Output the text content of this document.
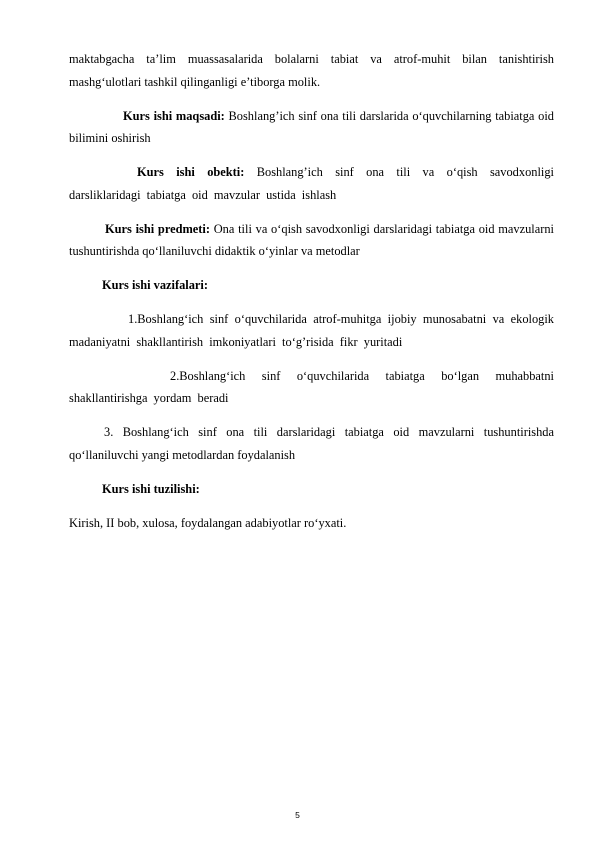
maktabgacha ta’lim muassasalarida bolalarni tabiat va atrof-muhit bilan tanishtirish mashg‘ulotlari tashkil qilinganligi e’tiborga molik.

Kurs ishi maqsadi: Boshlang’ich sinf ona tili darslarida o‘quvchilarning tabiatga oid bilimini oshirish

Kurs ishi obekti: Boshlang’ich sinf ona tili va o‘qish savodxonligi darsliklaridagi tabiatga oid mavzular ustida ishlash

Kurs ishi predmeti: Ona tili va o‘qish savodxonligi darslaridagi tabiatga oid mavzularni tushuntirishda qo‘llaniluvchi didaktik o‘yinlar va metodlar

Kurs ishi vazifalari:

1.Boshlang‘ich sinf o‘quvchilarida atrof-muhitga ijobiy munosabatni va ekologik madaniyatni shakllantirish imkoniyatlari to‘g’risida fikr yuritadi

2.Boshlang‘ich sinf o‘quvchilarida tabiatga bo‘lgan muhabbatni shakllantirishga yordam beradi

3. Boshlang‘ich sinf ona tili darslaridagi tabiatga oid mavzularni tushuntirishda qo‘llaniluvchi yangi metodlardan foydalanish

Kurs ishi tuzilishi:

Kirish, II bob, xulosa, foydalangan adabiyotlar ro‘yxati.

5
